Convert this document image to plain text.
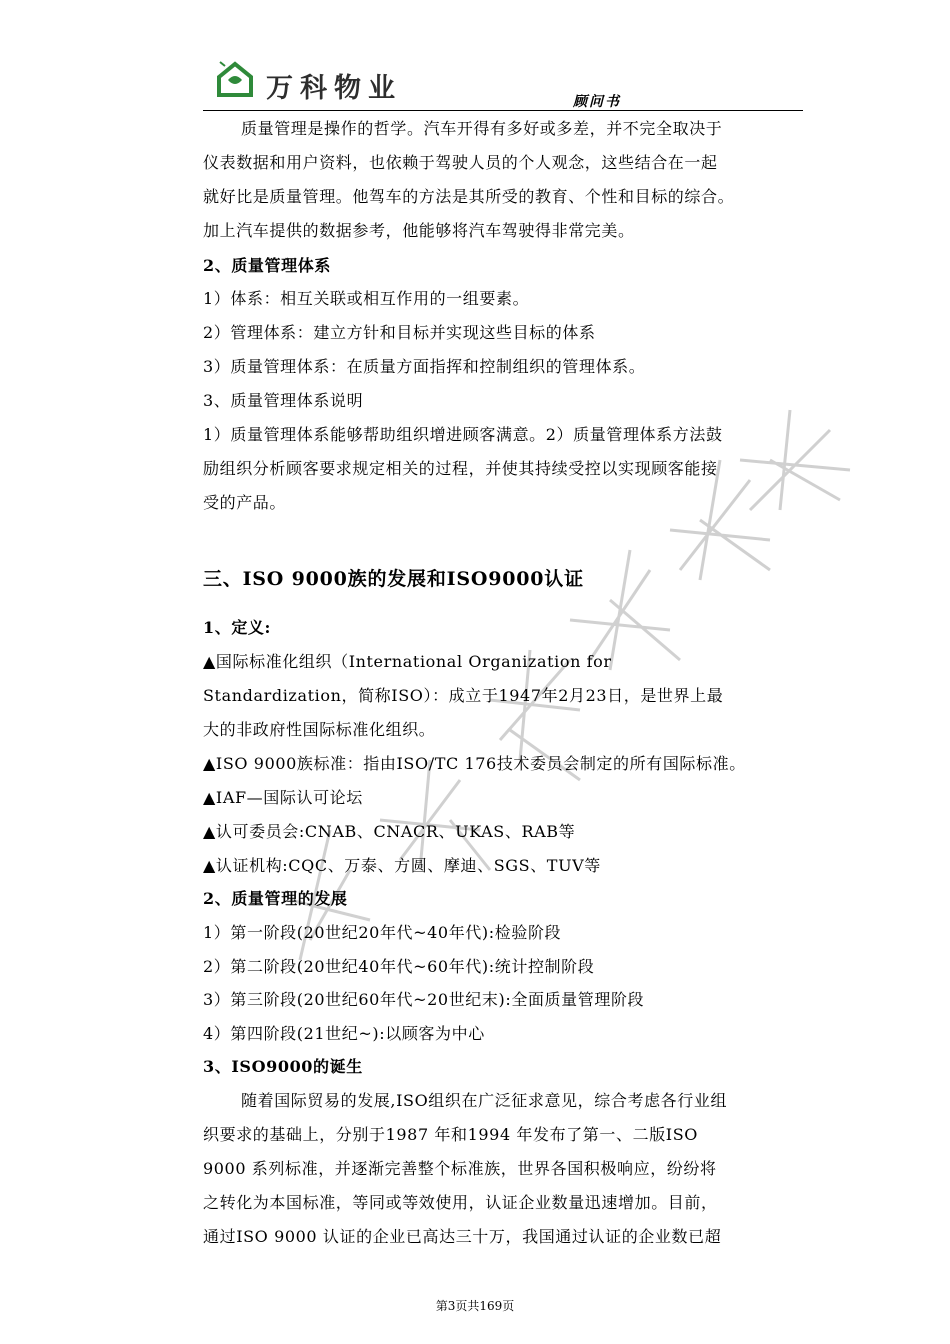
万科物业	顾问书
质量管理是操作的哲学。汽车开得有多好或多差，并不完全取决于
仪表数据和用户资料，也依赖于驾驶人员的个人观念，这些结合在一起
就好比是质量管理。他驾车的方法是其所受的教育、个性和目标的综合。
加上汽车提供的数据参考，他能够将汽车驾驶得非常完美。
2、质量管理体系
1）体系：相互关联或相互作用的一组要素。
2）管理体系：建立方针和目标并实现这些目标的体系
3）质量管理体系：在质量方面指挥和控制组织的管理体系。
3、质量管理体系说明
1）质量管理体系能够帮助组织增进顾客满意。2）质量管理体系方法鼓
励组织分析顾客要求规定相关的过程，并使其持续受控以实现顾客能接
受的产品。
三、ISO 9000族的发展和ISO9000认证
1、定义:
▲国际标准化组织（International Organization for
Standardization，简称ISO）：成立于1947年2月23日，是世界上最
大的非政府性国际标准化组织。
▲ISO 9000族标准：指由ISO/TC 176技术委员会制定的所有国际标准。
▲IAF—国际认可论坛
▲认可委员会:CNAB、CNACR、UKAS、RAB等
▲认证机构:CQC、万泰、方圆、摩迪、SGS、TUV等
2、质量管理的发展
1）第一阶段(20世纪20年代~40年代):检验阶段
2）第二阶段(20世纪40年代~60年代):统计控制阶段
3）第三阶段(20世纪60年代~20世纪末):全面质量管理阶段
4）第四阶段(21世纪~):以顾客为中心
3、ISO9000的诞生
随着国际贸易的发展,ISO组织在广泛征求意见，综合考虑各行业组
织要求的基础上，分别于1987 年和1994 年发布了第一、二版ISO
9000 系列标准，并逐渐完善整个标准族，世界各国积极响应，纷纷将
之转化为本国标准，等同或等效使用，认证企业数量迅速增加。目前，
通过ISO 9000 认证的企业已高达三十万，我国通过认证的企业数已超
第3页共169页
